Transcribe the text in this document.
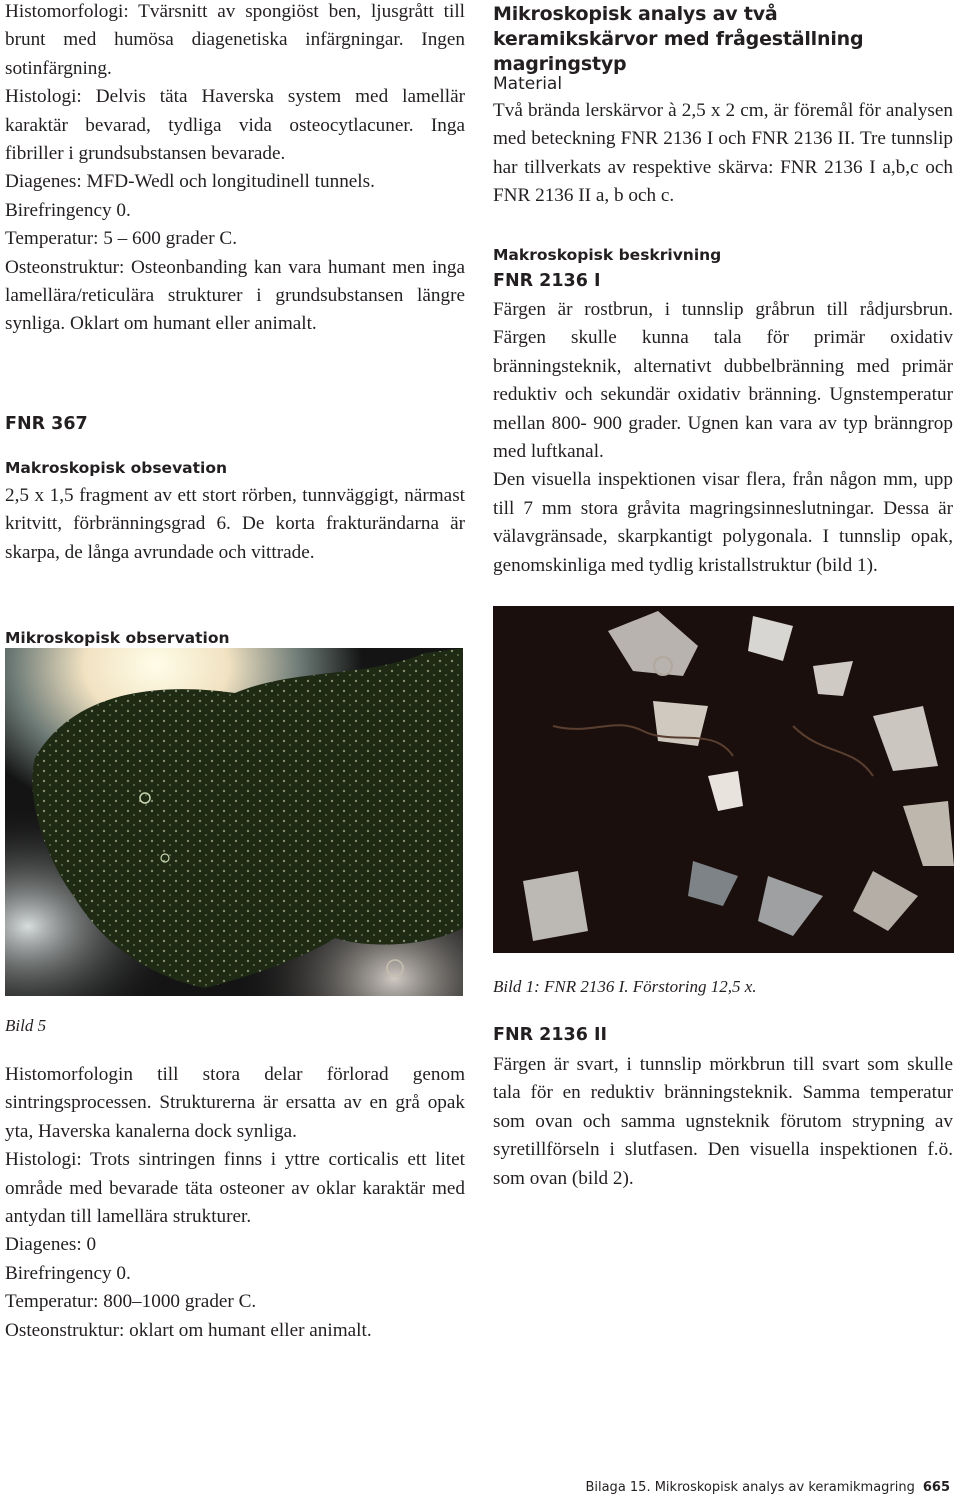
Histomorfologi: Tvärsnitt av spongiöst ben, ljusgrått till brunt med humösa diagenetiska infärgningar. Ingen sotinfärgning.

Histologi: Delvis täta Haverska system med lamellär karaktär bevarad, tydliga vida osteocytlacuner. Inga fibriller i grundsubstansen bevarade.

Diagenes: MFD-Wedl och longitudinell tunnels.

Birefringency 0.

Temperatur: 5 – 600 grader C.

Osteonstruktur: Osteonbanding kan vara humant men inga lamellära/reticulära strukturer i grundsubstansen längre synliga. Oklart om humant eller animalt.

FNR 367
Makroskopisk obsevation

2,5 x 1,5 fragment av ett stort rörben, tunnväggigt, närmast kritvitt, förbränningsgrad 6. De korta frakturändarna är skarpa, de långa avrundade och vittrade.

Mikroskopisk observation
Bild 5

Histomorfologin till stora delar förlorad genom sintringsprocessen. Strukturerna är ersatta av en grå opak yta, Haverska kanalerna dock synliga.

Histologi: Trots sintringen finns i yttre corticalis ett litet område med bevarade täta osteoner av oklar karaktär med antydan till lamellära strukturer.

Diagenes: 0

Birefringency 0.

Temperatur: 800–1000 grader C.

Osteonstruktur: oklart om humant eller animalt.

Mikroskopisk analys av två keramikskärvor med frågeställning magringstyp
Material

Två brända lerskärvor à 2,5 x 2 cm, är föremål för analysen med beteckning FNR 2136 I och FNR 2136 II. Tre tunnslip har tillverkats av respektive skärva: FNR 2136 I a,b,c och FNR 2136 II a, b och c.

Makroskopisk beskrivning
FNR 2136 I

Färgen är rostbrun, i tunnslip gråbrun till rådjursbrun. Färgen skulle kunna tala för primär oxidativ bränningsteknik, alternativt dubbelbränning med primär reduktiv och sekundär oxidativ bränning. Ugnstemperatur mellan 800- 900 grader. Ugnen kan vara av typ bränngrop med luftkanal.

Den visuella inspektionen visar flera, från någon mm, upp till 7 mm stora gråvita magringsinneslutningar. Dessa är välavgränsade, skarpkantigt polygonala. I tunnslip opak, genomskinliga med tydlig kristallstruktur (bild 1).

Bild 1: FNR 2136 I. Förstoring 12,5 x.
FNR 2136 II

Färgen är svart, i tunnslip mörkbrun till svart som skulle tala för en reduktiv bränningsteknik. Samma temperatur som ovan och samma ugnsteknik förutom strypning av syretillförseln i slutfasen. Den visuella inspektionen f.ö. som ovan (bild 2).

Bilaga 15. Mikroskopisk analys av keramikmagring 665
